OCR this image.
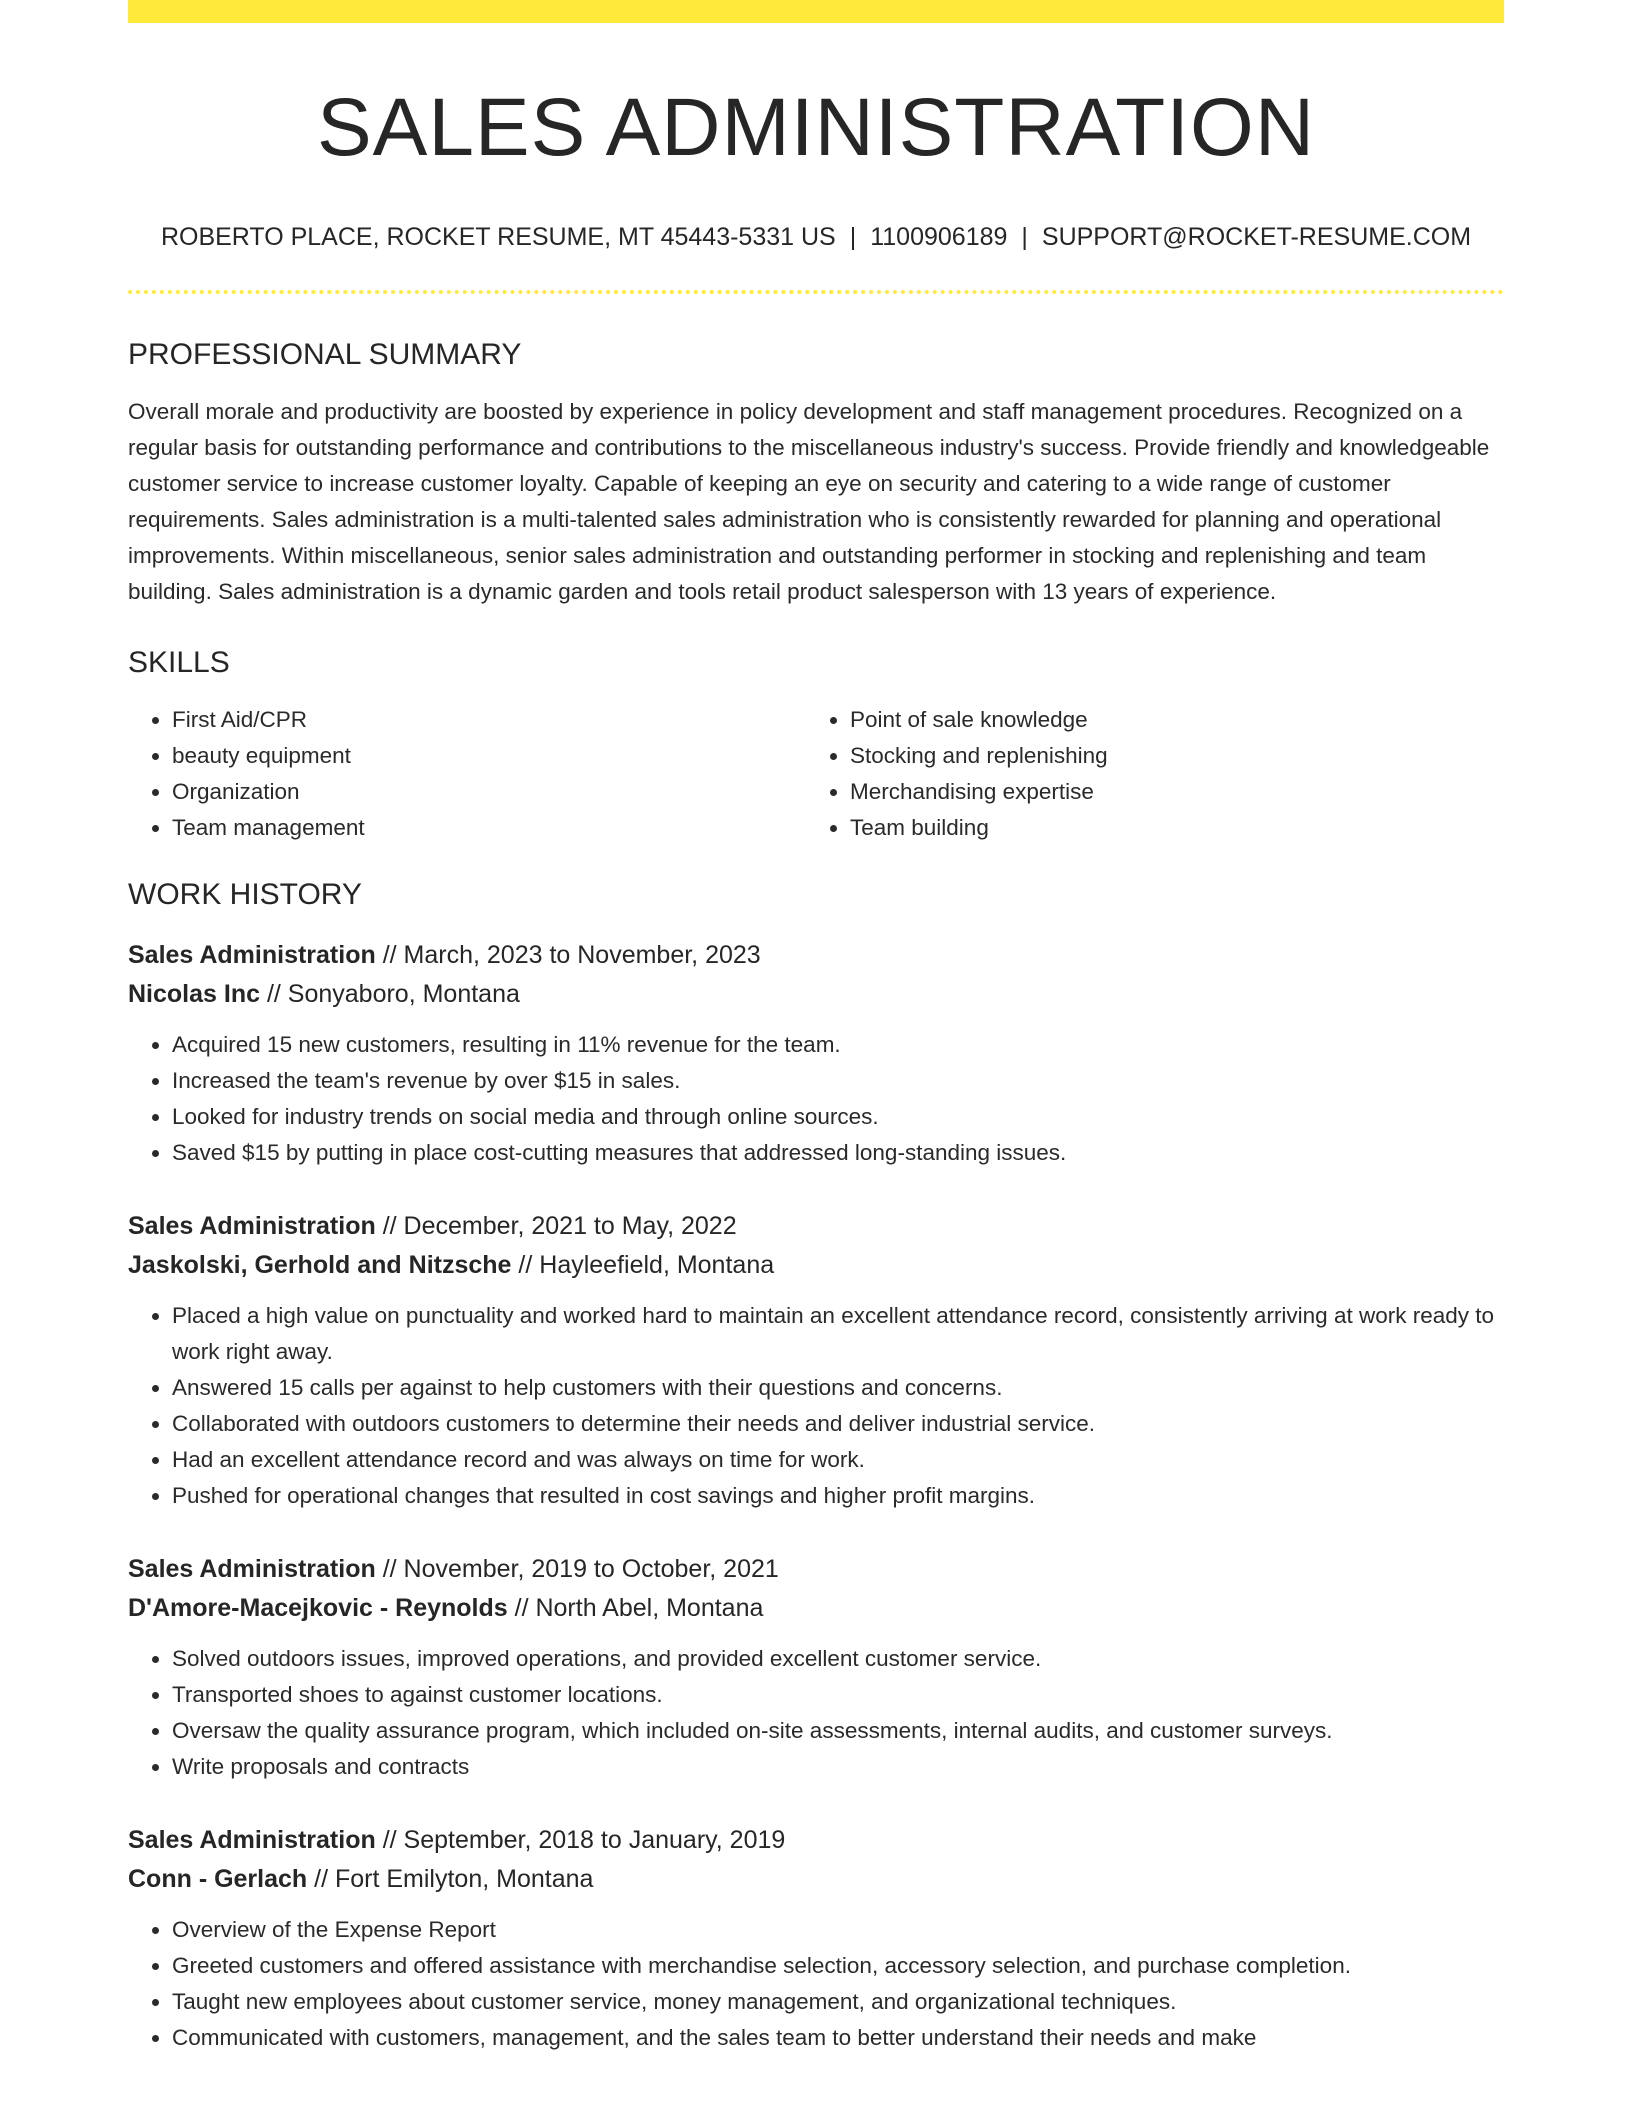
SALES ADMINISTRATION
ROBERTO PLACE, ROCKET RESUME, MT 45443-5331 US | 1100906189 | SUPPORT@ROCKET-RESUME.COM
PROFESSIONAL SUMMARY

Overall morale and productivity are boosted by experience in policy development and staff management procedures. Recognized on a regular basis for outstanding performance and contributions to the miscellaneous industry's success. Provide friendly and knowledgeable customer service to increase customer loyalty. Capable of keeping an eye on security and catering to a wide range of customer requirements. Sales administration is a multi-talented sales administration who is consistently rewarded for planning and operational improvements. Within miscellaneous, senior sales administration and outstanding performer in stocking and replenishing and team building. Sales administration is a dynamic garden and tools retail product salesperson with 13 years of experience.

SKILLS
• First Aid/CPR
• beauty equipment
• Organization
• Team management
• Point of sale knowledge
• Stocking and replenishing
• Merchandising expertise
• Team building
WORK HISTORY
Sales Administration // March, 2023 to November, 2023
Nicolas Inc // Sonyaboro, Montana
• Acquired 15 new customers, resulting in 11% revenue for the team.
• Increased the team's revenue by over $15 in sales.
• Looked for industry trends on social media and through online sources.
• Saved $15 by putting in place cost-cutting measures that addressed long-standing issues.
Sales Administration // December, 2021 to May, 2022
Jaskolski, Gerhold and Nitzsche // Hayleefield, Montana
• Placed a high value on punctuality and worked hard to maintain an excellent attendance record, consistently arriving at work ready to work right away.
• Answered 15 calls per against to help customers with their questions and concerns.
• Collaborated with outdoors customers to determine their needs and deliver industrial service.
• Had an excellent attendance record and was always on time for work.
• Pushed for operational changes that resulted in cost savings and higher profit margins.
Sales Administration // November, 2019 to October, 2021
D'Amore-Macejkovic - Reynolds // North Abel, Montana
• Solved outdoors issues, improved operations, and provided excellent customer service.
• Transported shoes to against customer locations.
• Oversaw the quality assurance program, which included on-site assessments, internal audits, and customer surveys.
• Write proposals and contracts
Sales Administration // September, 2018 to January, 2019
Conn - Gerlach // Fort Emilyton, Montana
• Overview of the Expense Report
• Greeted customers and offered assistance with merchandise selection, accessory selection, and purchase completion.
• Taught new employees about customer service, money management, and organizational techniques.
• Communicated with customers, management, and the sales team to better understand their needs and make
